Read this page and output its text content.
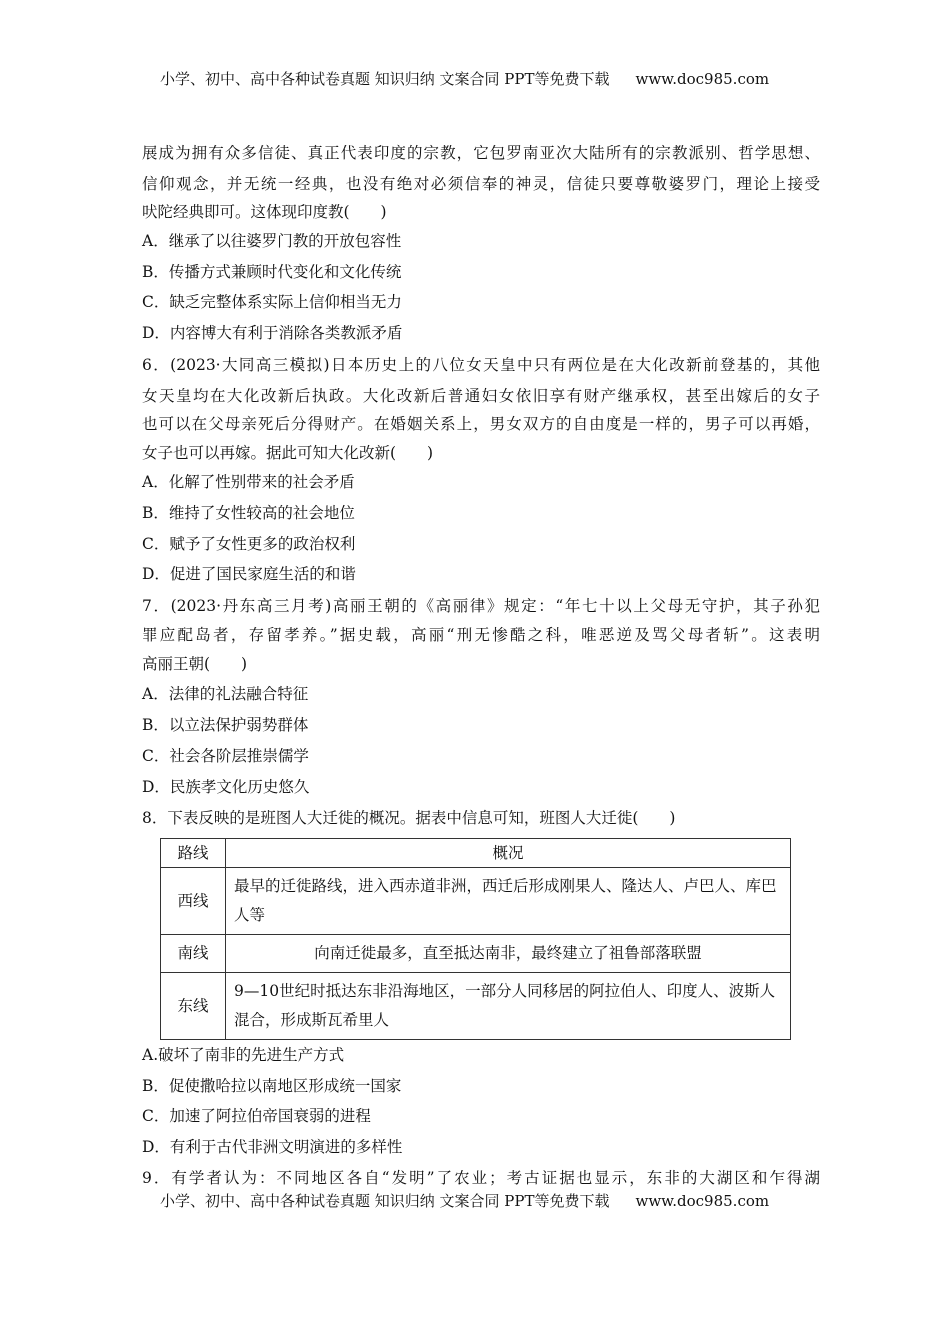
小学、初中、高中各种试卷真题 知识归纳 文案合同 PPT等免费下载 www.doc985.com
展成为拥有众多信徒、真正代表印度的宗教，它包罗南亚次大陆所有的宗教派别、哲学思想、
信仰观念，并无统一经典，也没有绝对必须信奉的神灵，信徒只要尊敬婆罗门，理论上接受
吠陀经典即可。这体现印度教(　　)
A．继承了以往婆罗门教的开放包容性
B．传播方式兼顾时代变化和文化传统
C．缺乏完整体系实际上信仰相当无力
D．内容博大有利于消除各类教派矛盾
6．(2023·大同高三模拟)日本历史上的八位女天皇中只有两位是在大化改新前登基的，其他
女天皇均在大化改新后执政。大化改新后普通妇女依旧享有财产继承权，甚至出嫁后的女子
也可以在父母亲死后分得财产。在婚姻关系上，男女双方的自由度是一样的，男子可以再婚，
女子也可以再嫁。据此可知大化改新(　　)
A．化解了性别带来的社会矛盾
B．维持了女性较高的社会地位
C．赋予了女性更多的政治权利
D．促进了国民家庭生活的和谐
7．(2023·丹东高三月考)高丽王朝的《高丽律》规定：“年七十以上父母无守护，其子孙犯
罪应配岛者，存留孝养。”据史载，高丽“刑无惨酷之科，唯恶逆及骂父母者斩”。这表明
高丽王朝(　　)
A．法律的礼法融合特征
B．以立法保护弱势群体
C．社会各阶层推崇儒学
D．民族孝文化历史悠久
8．下表反映的是班图人大迁徙的概况。据表中信息可知，班图人大迁徙(　　)
路线	概况
西线	最早的迁徙路线，进入西赤道非洲，西迁后形成刚果人、隆达人、卢巴人、库巴人等
南线	向南迁徙最多，直至抵达南非，最终建立了祖鲁部落联盟
东线	9—10世纪时抵达东非沿海地区，一部分人同移居的阿拉伯人、印度人、波斯人混合，形成斯瓦希里人
A.破坏了南非的先进生产方式
B．促使撒哈拉以南地区形成统一国家
C．加速了阿拉伯帝国衰弱的进程
D．有利于古代非洲文明演进的多样性
9．有学者认为：不同地区各自“发明”了农业；考古证据也显示，东非的大湖区和乍得湖
小学、初中、高中各种试卷真题 知识归纳 文案合同 PPT等免费下载 www.doc985.com
